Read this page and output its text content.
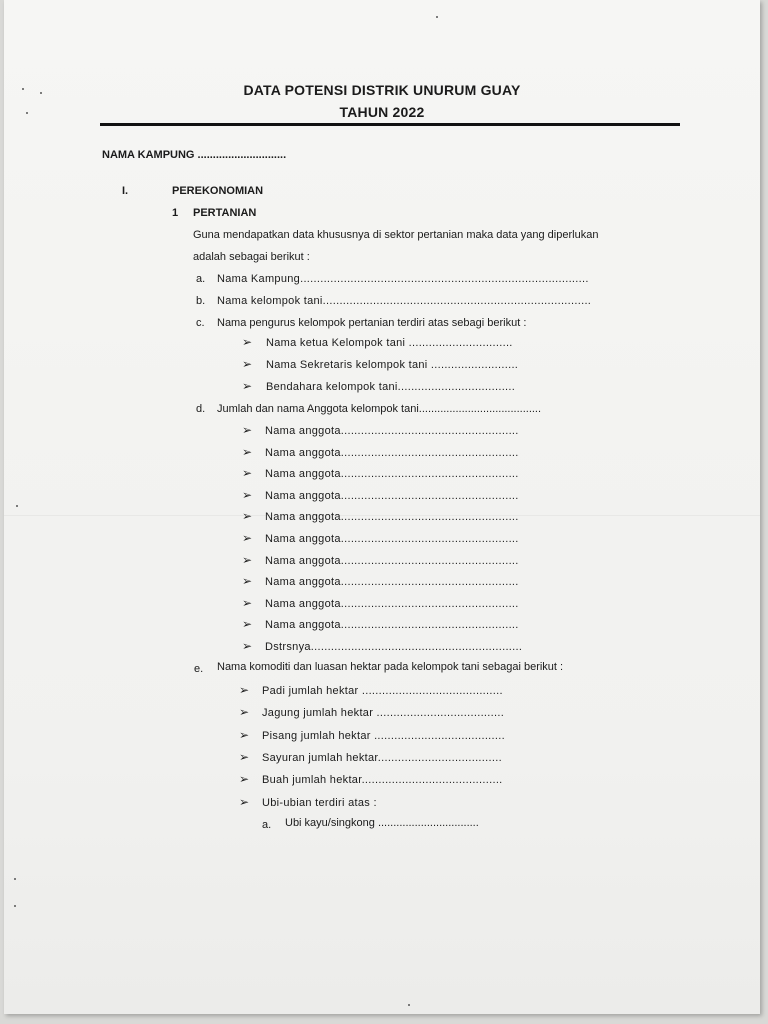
DATA POTENSI DISTRIK UNURUM GUAY
TAHUN 2022
NAMA KAMPUNG .............................
I.	PEREKONOMIAN
1 PERTANIAN
Guna mendapatkan data khususnya di sektor pertanian maka data yang diperlukan
adalah sebagai berikut :
a. Nama Kampung......................................................................................
b. Nama kelompok tani................................................................................
c. Nama pengurus kelompok pertanian terdiri atas sebagi berikut :
➢ Nama ketua Kelompok tani ...............................
➢ Nama Sekretaris kelompok tani ..........................
➢ Bendahara kelompok tani...................................
d. Jumlah dan nama Anggota kelompok tani........................................
➢ Nama anggota.....................................................
➢ Nama anggota.....................................................
➢ Nama anggota.....................................................
➢ Nama anggota.....................................................
➢ Nama anggota.....................................................
➢ Nama anggota.....................................................
➢ Nama anggota.....................................................
➢ Nama anggota.....................................................
➢ Nama anggota.....................................................
➢ Nama anggota.....................................................
➢ Dstrsnya...............................................................
e. Nama komoditi dan luasan hektar pada kelompok tani sebagai berikut :
➢ Padi jumlah hektar ..........................................
➢ Jagung jumlah hektar ......................................
➢ Pisang jumlah hektar .......................................
➢ Sayuran jumlah hektar.....................................
➢ Buah jumlah hektar..........................................
➢ Ubi-ubian terdiri atas :
a. Ubi kayu/singkong .................................
